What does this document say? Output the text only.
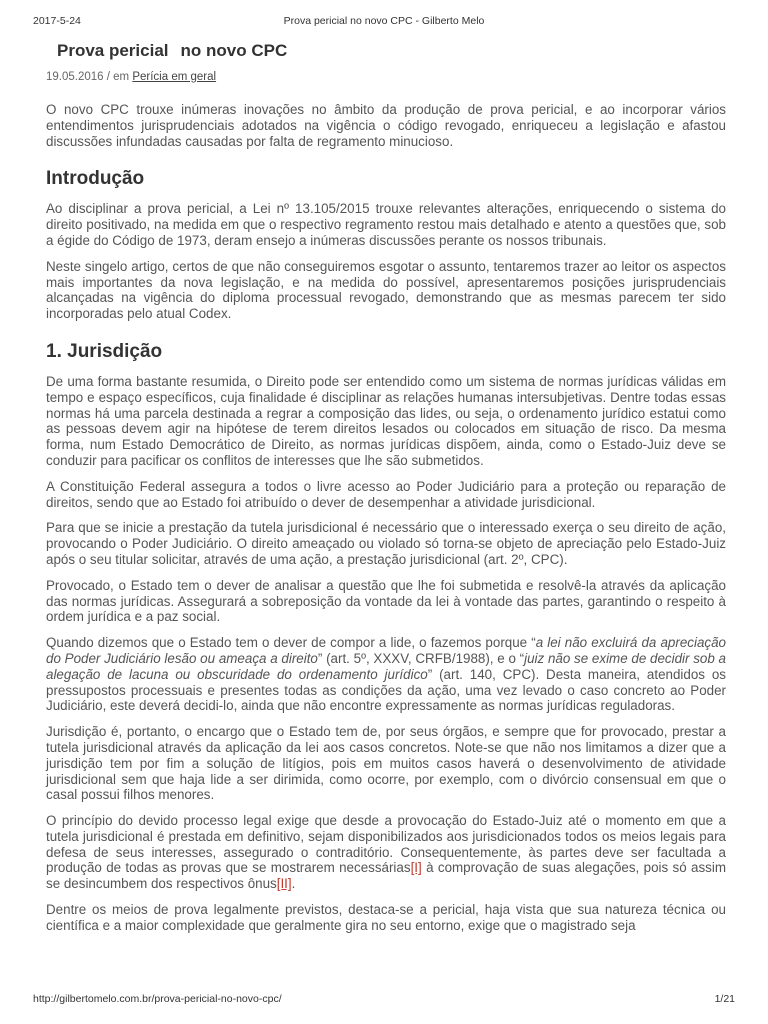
2017-5-24	Prova pericial no novo CPC - Gilberto Melo
Prova pericial no novo CPC
19.05.2016 / em Perícia em geral

O novo CPC trouxe inúmeras inovações no âmbito da produção de prova pericial, e ao incorporar vários entendimentos jurisprudenciais adotados na vigência o código revogado, enriqueceu a legislação e afastou discussões infundadas causadas por falta de regramento minucioso.

Introdução

Ao disciplinar a prova pericial, a Lei nº 13.105/2015 trouxe relevantes alterações, enriquecendo o sistema do direito positivado, na medida em que o respectivo regramento restou mais detalhado e atento a questões que, sob a égide do Código de 1973, deram ensejo a inúmeras discussões perante os nossos tribunais.

Neste singelo artigo, certos de que não conseguiremos esgotar o assunto, tentaremos trazer ao leitor os aspectos mais importantes da nova legislação, e na medida do possível, apresentaremos posições jurisprudenciais alcançadas na vigência do diploma processual revogado, demonstrando que as mesmas parecem ter sido incorporadas pelo atual Codex.

1. Jurisdição

De uma forma bastante resumida, o Direito pode ser entendido como um sistema de normas jurídicas válidas em tempo e espaço específicos, cuja finalidade é disciplinar as relações humanas intersubjetivas. Dentre todas essas normas há uma parcela destinada a regrar a composição das lides, ou seja, o ordenamento jurídico estatui como as pessoas devem agir na hipótese de terem direitos lesados ou colocados em situação de risco. Da mesma forma, num Estado Democrático de Direito, as normas jurídicas dispõem, ainda, como o Estado-Juiz deve se conduzir para pacificar os conflitos de interesses que lhe são submetidos.

A Constituição Federal assegura a todos o livre acesso ao Poder Judiciário para a proteção ou reparação de direitos, sendo que ao Estado foi atribuído o dever de desempenhar a atividade jurisdicional.

Para que se inicie a prestação da tutela jurisdicional é necessário que o interessado exerça o seu direito de ação, provocando o Poder Judiciário. O direito ameaçado ou violado só torna-se objeto de apreciação pelo Estado-Juiz após o seu titular solicitar, através de uma ação, a prestação jurisdicional (art. 2º, CPC).

Provocado, o Estado tem o dever de analisar a questão que lhe foi submetida e resolvê-la através da aplicação das normas jurídicas. Assegurará a sobreposição da vontade da lei à vontade das partes, garantindo o respeito à ordem jurídica e a paz social.

Quando dizemos que o Estado tem o dever de compor a lide, o fazemos porque “a lei não excluirá da apreciação do Poder Judiciário lesão ou ameaça a direito” (art. 5º, XXXV, CRFB/1988), e o “juiz não se exime de decidir sob a alegação de lacuna ou obscuridade do ordenamento jurídico” (art. 140, CPC). Desta maneira, atendidos os pressupostos processuais e presentes todas as condições da ação, uma vez levado o caso concreto ao Poder Judiciário, este deverá decidi-lo, ainda que não encontre expressamente as normas jurídicas reguladoras.

Jurisdição é, portanto, o encargo que o Estado tem de, por seus órgãos, e sempre que for provocado, prestar a tutela jurisdicional através da aplicação da lei aos casos concretos. Note-se que não nos limitamos a dizer que a jurisdição tem por fim a solução de litígios, pois em muitos casos haverá o desenvolvimento de atividade jurisdicional sem que haja lide a ser dirimida, como ocorre, por exemplo, com o divórcio consensual em que o casal possui filhos menores.

O princípio do devido processo legal exige que desde a provocação do Estado-Juiz até o momento em que a tutela jurisdicional é prestada em definitivo, sejam disponibilizados aos jurisdicionados todos os meios legais para defesa de seus interesses, assegurado o contraditório. Consequentemente, às partes deve ser facultada a produção de todas as provas que se mostrarem necessárias[I] à comprovação de suas alegações, pois só assim se desincumbem dos respectivos ônus[II].

Dentre os meios de prova legalmente previstos, destaca-se a pericial, haja vista que sua natureza técnica ou científica e a maior complexidade que geralmente gira no seu entorno, exige que o magistrado seja

http://gilbertomelo.com.br/prova-pericial-no-novo-cpc/	1/21
